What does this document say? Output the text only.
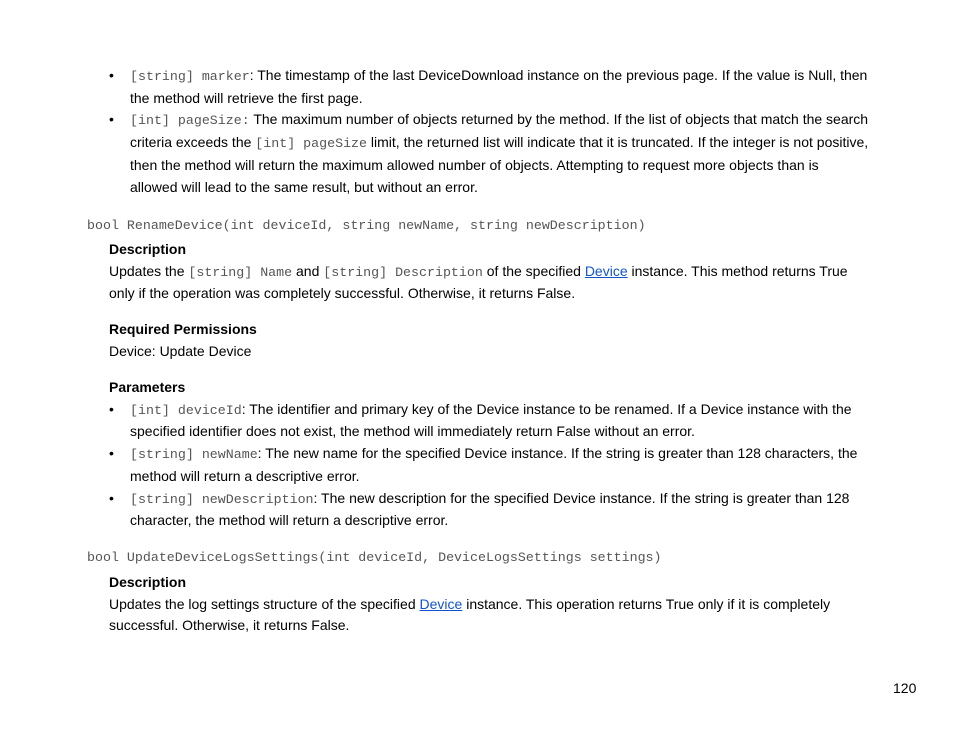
• [string] marker: The timestamp of the last DeviceDownload instance on the previous page. If the value is Null, then the method will retrieve the first page.
• [int] pageSize: The maximum number of objects returned by the method. If the list of objects that match the search criteria exceeds the [int] pageSize limit, the returned list will indicate that it is truncated. If the integer is not positive, then the method will return the maximum allowed number of objects. Attempting to request more objects than is allowed will lead to the same result, but without an error.
bool RenameDevice(int deviceId, string newName, string newDescription)
Description
Updates the [string] Name and [string] Description of the specified Device instance. This method returns True only if the operation was completely successful. Otherwise, it returns False.
Required Permissions
Device: Update Device
Parameters
• [int] deviceId: The identifier and primary key of the Device instance to be renamed. If a Device instance with the specified identifier does not exist, the method will immediately return False without an error.
• [string] newName: The new name for the specified Device instance. If the string is greater than 128 characters, the method will return a descriptive error.
• [string] newDescription: The new description for the specified Device instance. If the string is greater than 128 character, the method will return a descriptive error.
bool UpdateDeviceLogsSettings(int deviceId, DeviceLogsSettings settings)
Description
Updates the log settings structure of the specified Device instance. This operation returns True only if it is completely successful. Otherwise, it returns False.
120
